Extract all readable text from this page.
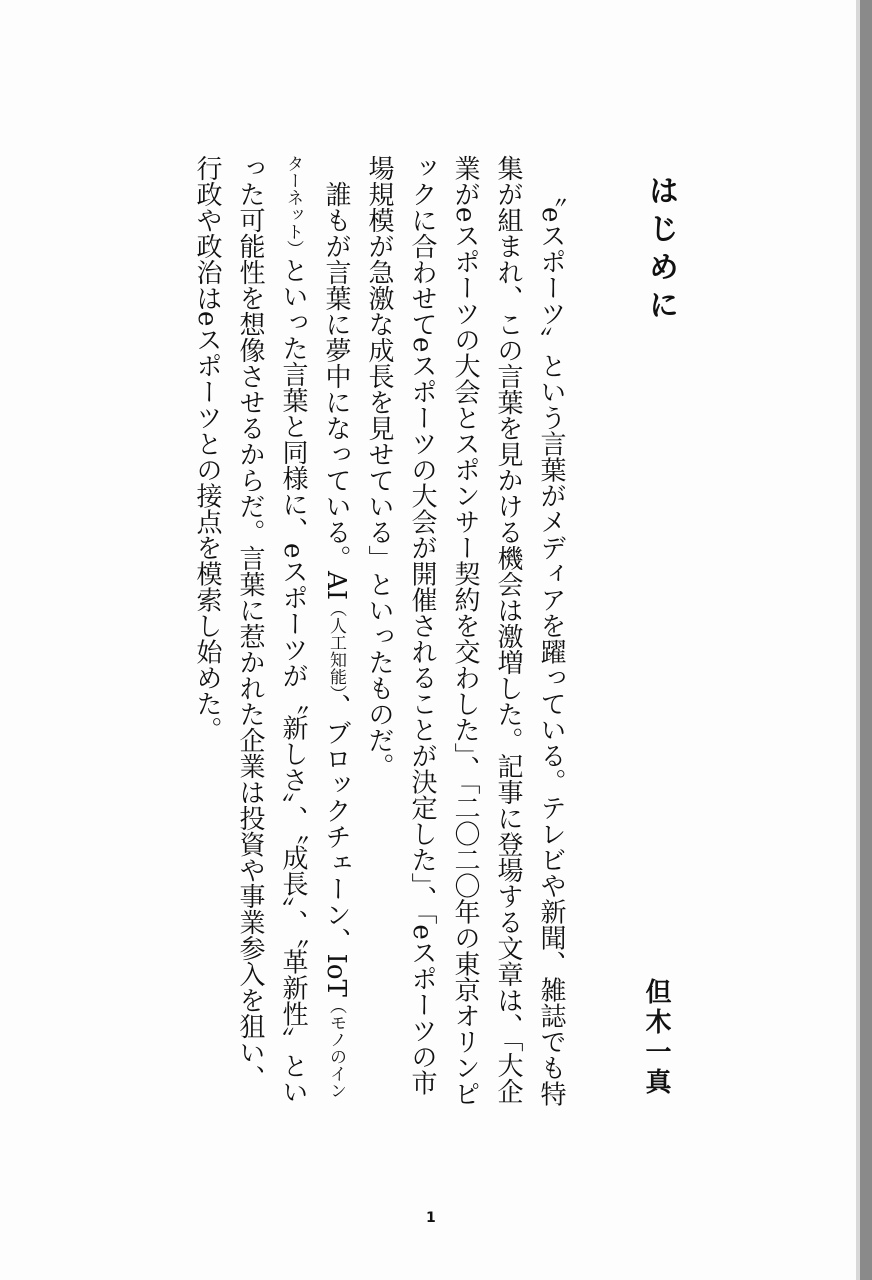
はじめに
但木一真

〝eスポーツ〟という言葉がメディアを躍っている。テレビや新聞、雑誌でも特集が組まれ、この言葉を見かける機会は激増した。記事に登場する文章は、「大企業がeスポーツの大会とスポンサー契約を交わした」、「二〇二〇年の東京オリンピックに合わせてeスポーツの大会が開催されることが決定した」、「eスポーツの市場規模が急激な成長を見せている」といったものだ。

誰もが言葉に夢中になっている。AI（人工知能）、ブロックチェーン、IoT（モノのインターネット）といった言葉と同様に、eスポーツが〝新しさ〟、〝成長〟、〝革新性〟といった可能性を想像させるからだ。言葉に惹かれた企業は投資や事業参入を狙い、行政や政治はeスポーツとの接点を模索し始めた。

1
